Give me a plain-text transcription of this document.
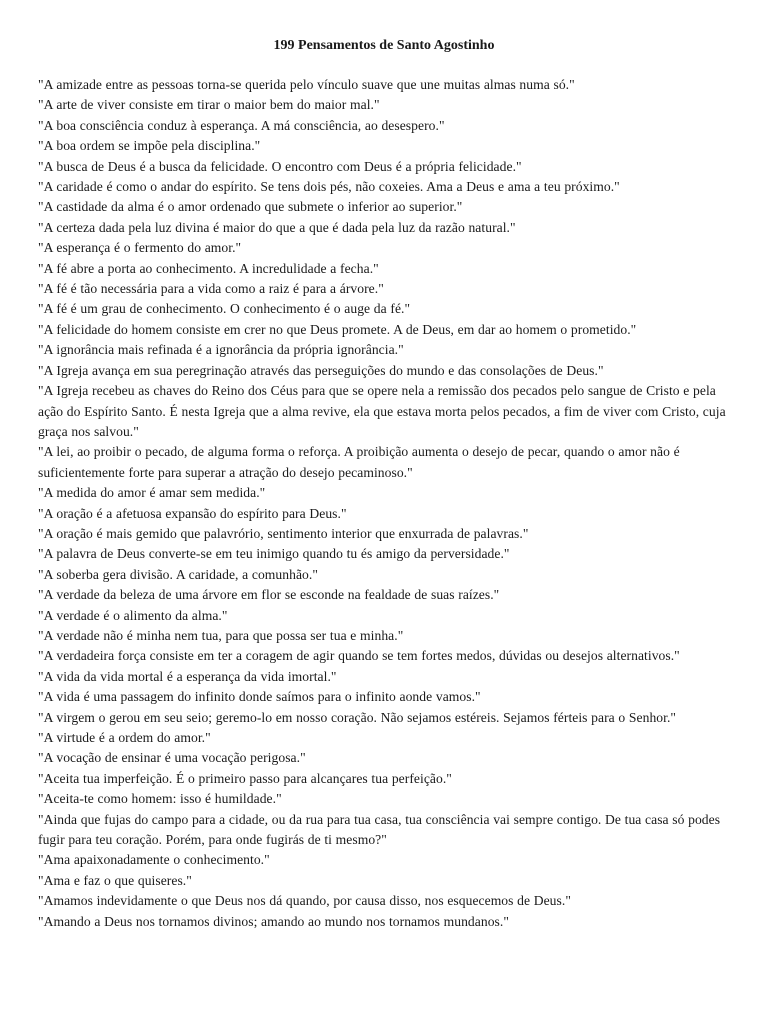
199 Pensamentos de Santo Agostinho
"A amizade entre as pessoas torna-se querida pelo vínculo suave que une muitas almas numa só."
"A arte de viver consiste em tirar o maior bem do maior mal."
"A boa consciência conduz à esperança. A má consciência, ao desespero."
"A boa ordem se impõe pela disciplina."
"A busca de Deus é a busca da felicidade. O encontro com Deus é a própria felicidade."
"A caridade é como o andar do espírito. Se tens dois pés, não coxeies. Ama a Deus e ama a teu próximo."
"A castidade da alma é o amor ordenado que submete o inferior ao superior."
"A certeza dada pela luz divina é maior do que a que é dada pela luz da razão natural."
"A esperança é o fermento do amor."
"A fé abre a porta ao conhecimento. A incredulidade a fecha."
"A fé é tão necessária para a vida como a raiz é para a árvore."
"A fé é um grau de conhecimento. O conhecimento é o auge da fé."
"A felicidade do homem consiste em crer no que Deus promete. A de Deus, em dar ao homem o prometido."
"A ignorância mais refinada é a ignorância da própria ignorância."
"A Igreja avança em sua peregrinação através das perseguições do mundo e das consolações de Deus."
"A Igreja recebeu as chaves do Reino dos Céus para que se opere nela a remissão dos pecados pelo sangue de Cristo e pela ação do Espírito Santo. É nesta Igreja que a alma revive, ela que estava morta pelos pecados, a fim de viver com Cristo, cuja graça nos salvou."
"A lei, ao proibir o pecado, de alguma forma o reforça. A proibição aumenta o desejo de pecar, quando o amor não é suficientemente forte para superar a atração do desejo pecaminoso."
"A medida do amor é amar sem medida."
"A oração é a afetuosa expansão do espírito para Deus."
"A oração é mais gemido que palavrório, sentimento interior que enxurrada de palavras."
"A palavra de Deus converte-se em teu inimigo quando tu és amigo da perversidade."
"A soberba gera divisão. A caridade, a comunhão."
"A verdade da beleza de uma árvore em flor se esconde na fealdade de suas raízes."
"A verdade é o alimento da alma."
"A verdade não é minha nem tua, para que possa ser tua e minha."
"A verdadeira força consiste em ter a coragem de agir quando se tem fortes medos, dúvidas ou desejos alternativos."
"A vida da vida mortal é a esperança da vida imortal."
"A vida é uma passagem do infinito donde saímos para o infinito aonde vamos."
"A virgem o gerou em seu seio; geremo-lo em nosso coração. Não sejamos estéreis. Sejamos férteis para o Senhor."
"A virtude é a ordem do amor."
"A vocação de ensinar é uma vocação perigosa."
"Aceita tua imperfeição. É o primeiro passo para alcançares tua perfeição."
"Aceita-te como homem: isso é humildade."
"Ainda que fujas do campo para a cidade, ou da rua para tua casa, tua consciência vai sempre contigo. De tua casa só podes fugir para teu coração. Porém, para onde fugirás de ti mesmo?"
"Ama apaixonadamente o conhecimento."
"Ama e faz o que quiseres."
"Amamos indevidamente o que Deus nos dá quando, por causa disso, nos esquecemos de Deus."
"Amando a Deus nos tornamos divinos; amando ao mundo nos tornamos mundanos."
